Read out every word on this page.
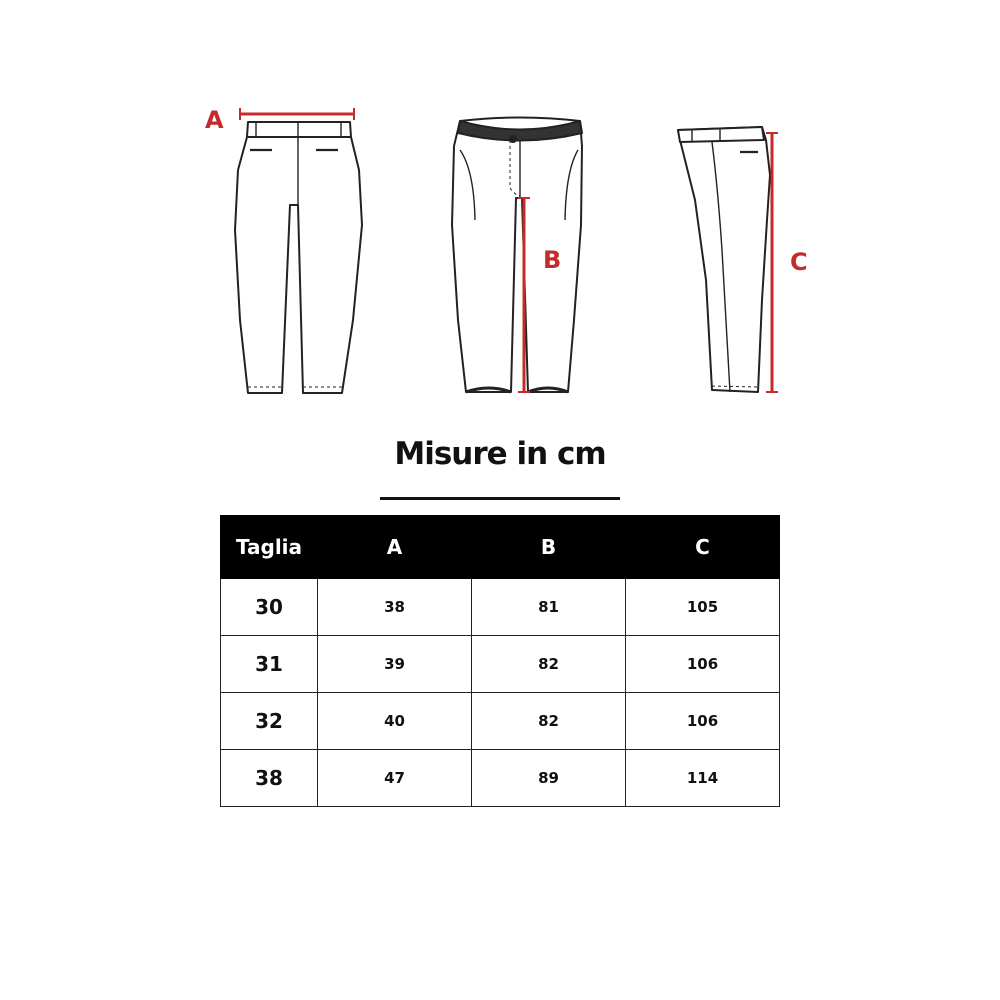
A
B	C
Misure in cm
Taglia	A	B	C
30	38	81	105
31	39	82	106
32	40	82	106
38	47	89	114
